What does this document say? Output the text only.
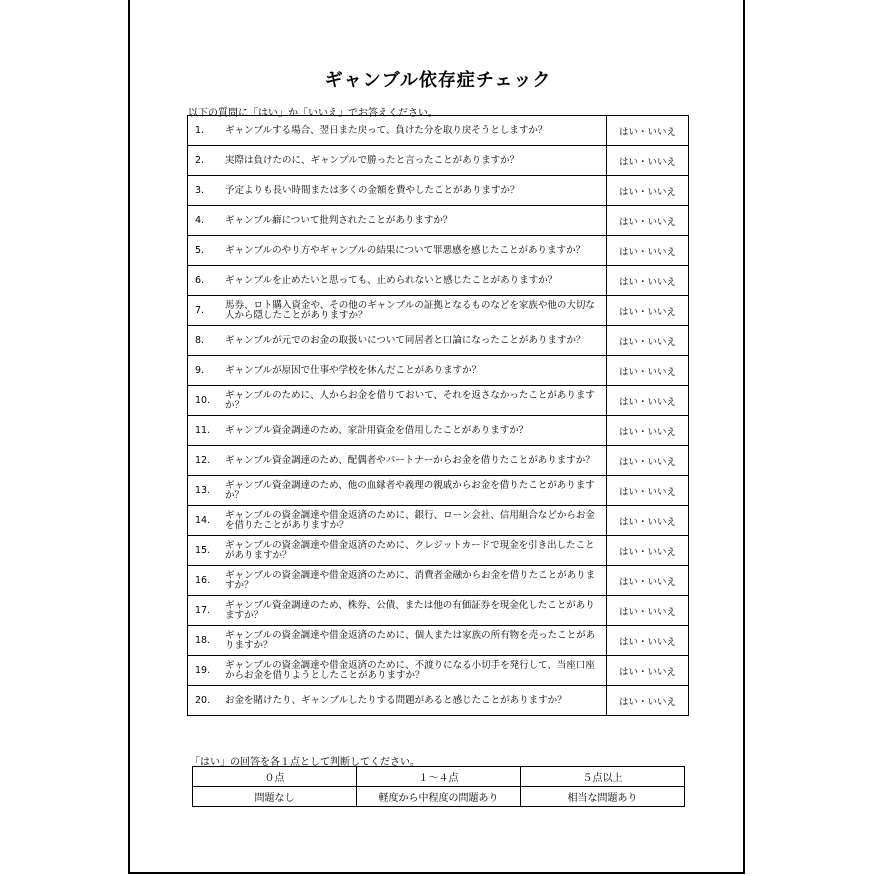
ギャンブル依存症チェック
以下の質問に「はい」か「いいえ」でお答えください。
1. ギャンブルする場合、翌日また戻って、負けた分を取り戻そうとしますか？	はい・いいえ

2. 実際は負けたのに、ギャンブルで勝ったと言ったことがありますか？	はい・いいえ

3. 予定よりも長い時間または多くの金額を費やしたことがありますか？	はい・いいえ

4. ギャンブル癖について批判されたことがありますか？	はい・いいえ

5. ギャンブルのやり方やギャンブルの結果について罪悪感を感じたことがありますか？	はい・いいえ

6. ギャンブルを止めたいと思っても、止められないと感じたことがありますか？	はい・いいえ

7. 馬券、ロト購入資金や、その他のギャンブルの証拠となるものなどを家族や他の大切な人から隠したことがありますか？	はい・いいえ

8. ギャンブルが元でのお金の取扱いについて同居者と口論になったことがありますか？	はい・いいえ

9. ギャンブルが原因で仕事や学校を休んだことがありますか？	はい・いいえ

10. ギャンブルのために、人からお金を借りておいて、それを返さなかったことがありますか？	はい・いいえ

11. ギャンブル資金調達のため、家計用資金を借用したことがありますか？	はい・いいえ

12. ギャンブル資金調達のため、配偶者やパートナーからお金を借りたことがありますか？	はい・いいえ

13. ギャンブル資金調達のため、他の血縁者や義理の親戚からお金を借りたことがありますか？	はい・いいえ

14. ギャンブルの資金調達や借金返済のために、銀行、ローン会社、信用組合などからお金を借りたことがありますか？	はい・いいえ

15. ギャンブルの資金調達や借金返済のために、クレジットカードで現金を引き出したことがありますか？	はい・いいえ

16. ギャンブルの資金調達や借金返済のために、消費者金融からお金を借りたことがありますか？	はい・いいえ

17. ギャンブル資金調達のため、株券、公債、または他の有価証券を現金化したことがありますか？	はい・いいえ

18. ギャンブルの資金調達や借金返済のために、個人または家族の所有物を売ったことがありますか？	はい・いいえ

19. ギャンブルの資金調達や借金返済のために、不渡りになる小切手を発行して、当座口座からお金を借りようとしたことがありますか？	はい・いいえ

20. お金を賭けたり、ギャンブルしたりする問題があると感じたことがありますか？	はい・いいえ
「はい」の回答を各１点として判断してください。
０点	１～４点	５点以上
問題なし	軽度から中程度の問題あり	相当な問題あり
